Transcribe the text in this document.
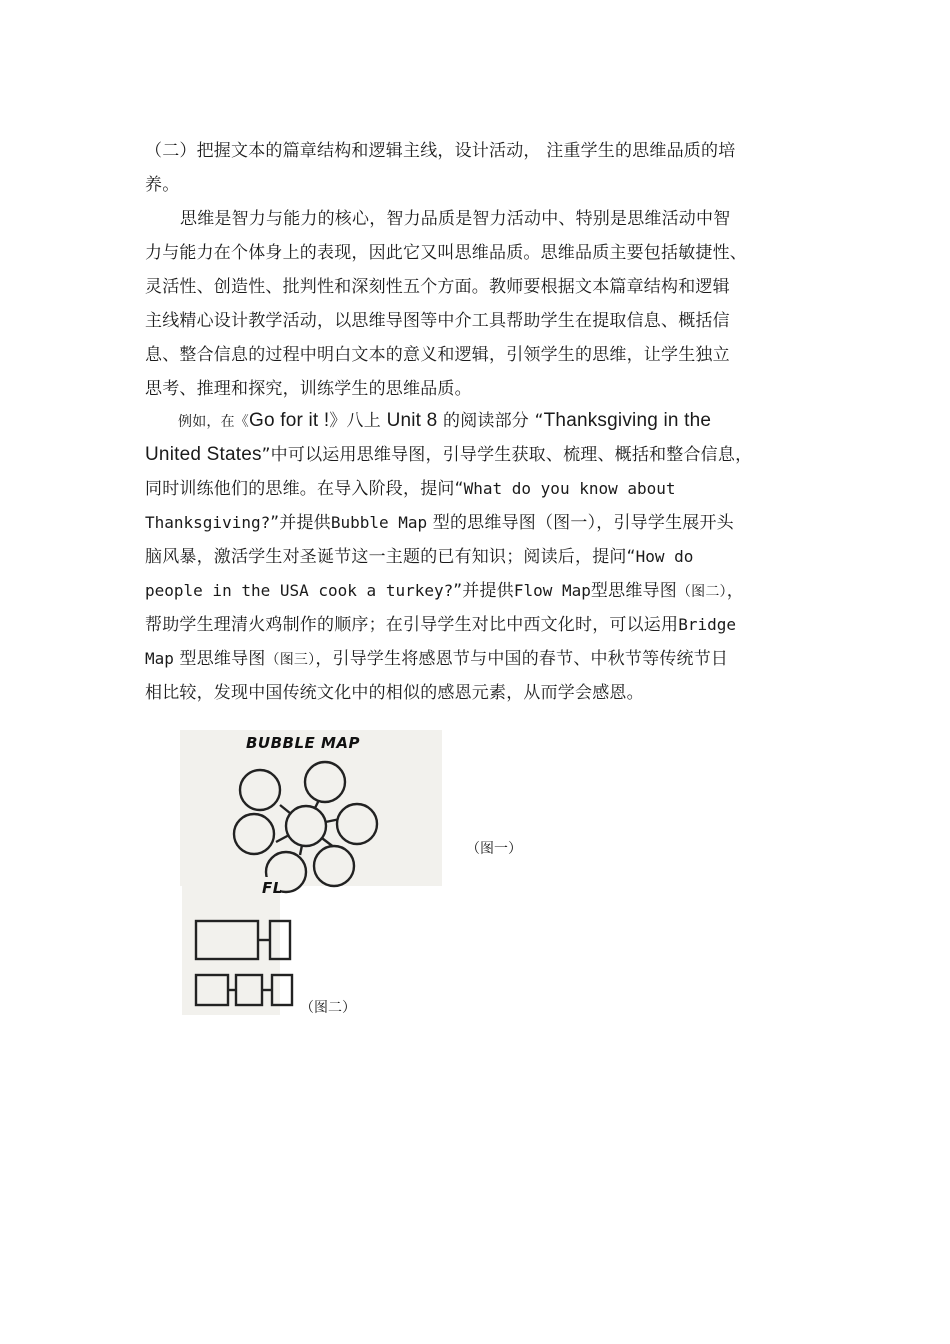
（二）把握文本的篇章结构和逻辑主线，设计活动， 注重学生的思维品质的培
养。
思维是智力与能力的核心，智力品质是智力活动中、特别是思维活动中智
力与能力在个体身上的表现，因此它又叫思维品质。思维品质主要包括敏捷性、
灵活性、创造性、批判性和深刻性五个方面。教师要根据文本篇章结构和逻辑
主线精心设计教学活动，以思维导图等中介工具帮助学生在提取信息、概括信
息、整合信息的过程中明白文本的意义和逻辑，引领学生的思维，让学生独立
思考、推理和探究，训练学生的思维品质。
例如，在《Go for it !》八上 Unit 8 的阅读部分 “Thanksgiving in the
United States”中可以运用思维导图，引导学生获取、梳理、概括和整合信息，
同时训练他们的思维。在导入阶段，提问“What do you know about
Thanksgiving?”并提供Bubble Map 型的思维导图（图一），引导学生展开头
脑风暴，激活学生对圣诞节这一主题的已有知识；阅读后，提问“How do
people in the USA cook a turkey?”并提供Flow Map型思维导图（图二），
帮助学生理清火鸡制作的顺序；在引导学生对比中西文化时，可以运用Bridge
Map 型思维导图（图三），引导学生将感恩节与中国的春节、中秋节等传统节日
相比较，发现中国传统文化中的相似的感恩元素，从而学会感恩。
BUBBLE MAP
（图一）
FL
（图二）
